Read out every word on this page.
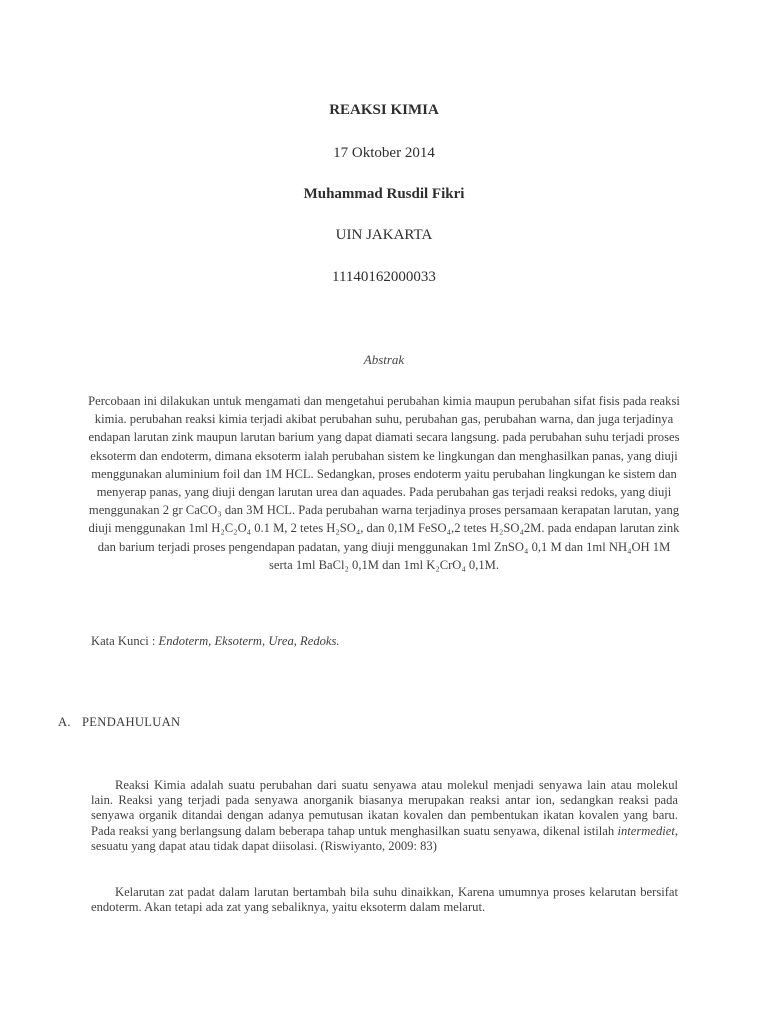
REAKSI KIMIA

17 Oktober 2014

Muhammad Rusdil Fikri

UIN JAKARTA

11140162000033

Abstrak

Percobaan ini dilakukan untuk mengamati dan mengetahui perubahan kimia maupun perubahan sifat fisis pada reaksi kimia. perubahan reaksi kimia terjadi akibat perubahan suhu, perubahan gas, perubahan warna, dan juga terjadinya endapan larutan zink maupun larutan barium yang dapat diamati secara langsung. pada perubahan suhu terjadi proses eksoterm dan endoterm, dimana eksoterm ialah perubahan sistem ke lingkungan dan menghasilkan panas, yang diuji menggunakan aluminium foil dan 1M HCL. Sedangkan, proses endoterm yaitu perubahan lingkungan ke sistem dan menyerap panas, yang diuji dengan larutan urea dan aquades. Pada perubahan gas terjadi reaksi redoks, yang diuji menggunakan 2 gr CaCO₃ dan 3M HCL. Pada perubahan warna terjadinya proses persamaan kerapatan larutan, yang diuji menggunakan 1ml H₂C₂O₄ 0.1 M, 2 tetes H₂SO₄, dan 0,1M FeSO₄,2 tetes H₂SO₄2M. pada endapan larutan zink dan barium terjadi proses pengendapan padatan, yang diuji menggunakan 1ml ZnSO₄ 0,1 M dan 1ml NH₄OH 1M serta 1ml BaCl₂ 0,1M dan 1ml K₂CrO₄ 0,1M.

Kata Kunci : Endoterm, Eksoterm, Urea, Redoks.

A. PENDAHULUAN

Reaksi Kimia adalah suatu perubahan dari suatu senyawa atau molekul menjadi senyawa lain atau molekul lain. Reaksi yang terjadi pada senyawa anorganik biasanya merupakan reaksi antar ion, sedangkan reaksi pada senyawa organik ditandai dengan adanya pemutusan ikatan kovalen dan pembentukan ikatan kovalen yang baru. Pada reaksi yang berlangsung dalam beberapa tahap untuk menghasilkan suatu senyawa, dikenal istilah intermediet, sesuatu yang dapat atau tidak dapat diisolasi. (Riswiyanto, 2009: 83)

Kelarutan zat padat dalam larutan bertambah bila suhu dinaikkan, Karena umumnya proses kelarutan bersifat endoterm. Akan tetapi ada zat yang sebaliknya, yaitu eksoterm dalam melarut.
